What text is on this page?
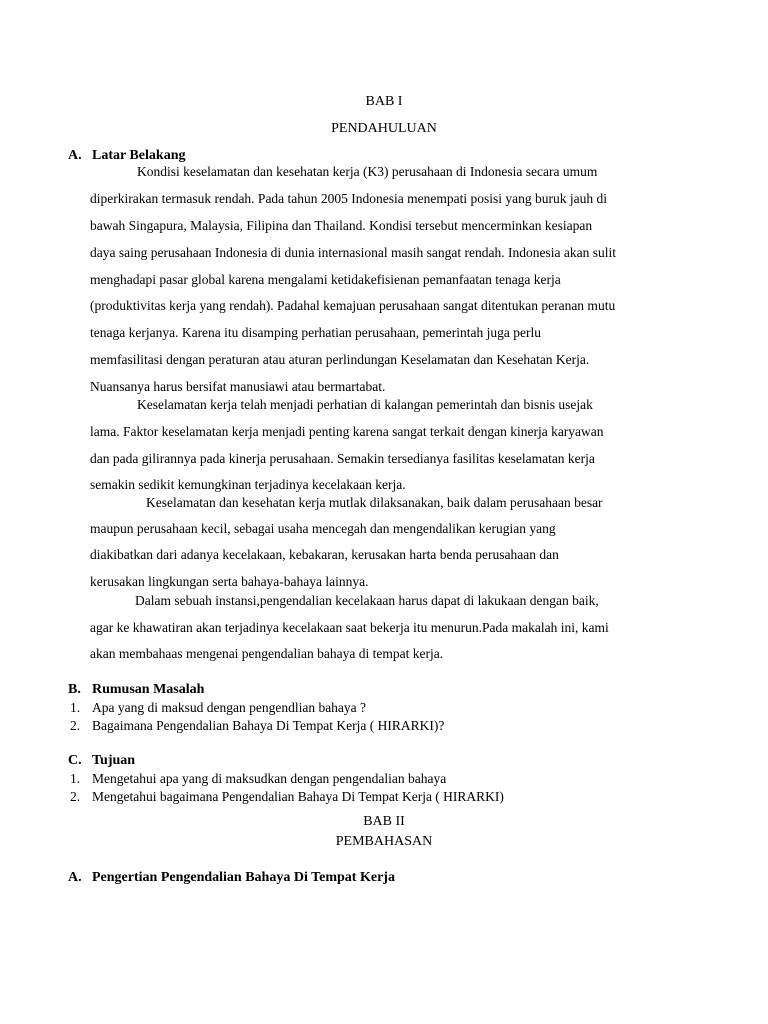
BAB I
PENDAHULUAN
A. Latar Belakang
Kondisi keselamatan dan kesehatan kerja (K3) perusahaan di Indonesia secara umum
diperkirakan termasuk rendah. Pada tahun 2005 Indonesia menempati posisi yang buruk jauh di
bawah Singapura, Malaysia, Filipina dan Thailand. Kondisi tersebut mencerminkan kesiapan
daya saing perusahaan Indonesia di dunia internasional masih sangat rendah. Indonesia akan sulit
menghadapi pasar global karena mengalami ketidakefisienan pemanfaatan tenaga kerja
(produktivitas kerja yang rendah). Padahal kemajuan perusahaan sangat ditentukan peranan mutu
tenaga kerjanya. Karena itu disamping perhatian perusahaan, pemerintah juga perlu
memfasilitasi dengan peraturan atau aturan perlindungan Keselamatan dan Kesehatan Kerja.
Nuansanya harus bersifat manusiawi atau bermartabat.
Keselamatan kerja telah menjadi perhatian di kalangan pemerintah dan bisnis usejak
lama. Faktor keselamatan kerja menjadi penting karena sangat terkait dengan kinerja karyawan
dan pada gilirannya pada kinerja perusahaan. Semakin tersedianya fasilitas keselamatan kerja
semakin sedikit kemungkinan terjadinya kecelakaan kerja.
Keselamatan dan kesehatan kerja mutlak dilaksanakan, baik dalam perusahaan besar
maupun perusahaan kecil, sebagai usaha mencegah dan mengendalikan kerugian yang
diakibatkan dari adanya kecelakaan, kebakaran, kerusakan harta benda perusahaan dan
kerusakan lingkungan serta bahaya-bahaya lainnya.
Dalam sebuah instansi,pengendalian kecelakaan harus dapat di lakukaan dengan baik,
agar ke khawatiran akan terjadinya kecelakaan saat bekerja itu menurun.Pada makalah ini, kami
akan membahaas mengenai pengendalian bahaya di tempat kerja.
B. Rumusan Masalah
1. Apa yang di maksud dengan pengendlian bahaya ?
2. Bagaimana Pengendalian Bahaya Di Tempat Kerja ( HIRARKI)?
C. Tujuan
1. Mengetahui apa yang di maksudkan dengan pengendalian bahaya
2. Mengetahui bagaimana Pengendalian Bahaya Di Tempat Kerja ( HIRARKI)
BAB II
PEMBAHASAN
A. Pengertian Pengendalian Bahaya Di Tempat Kerja
